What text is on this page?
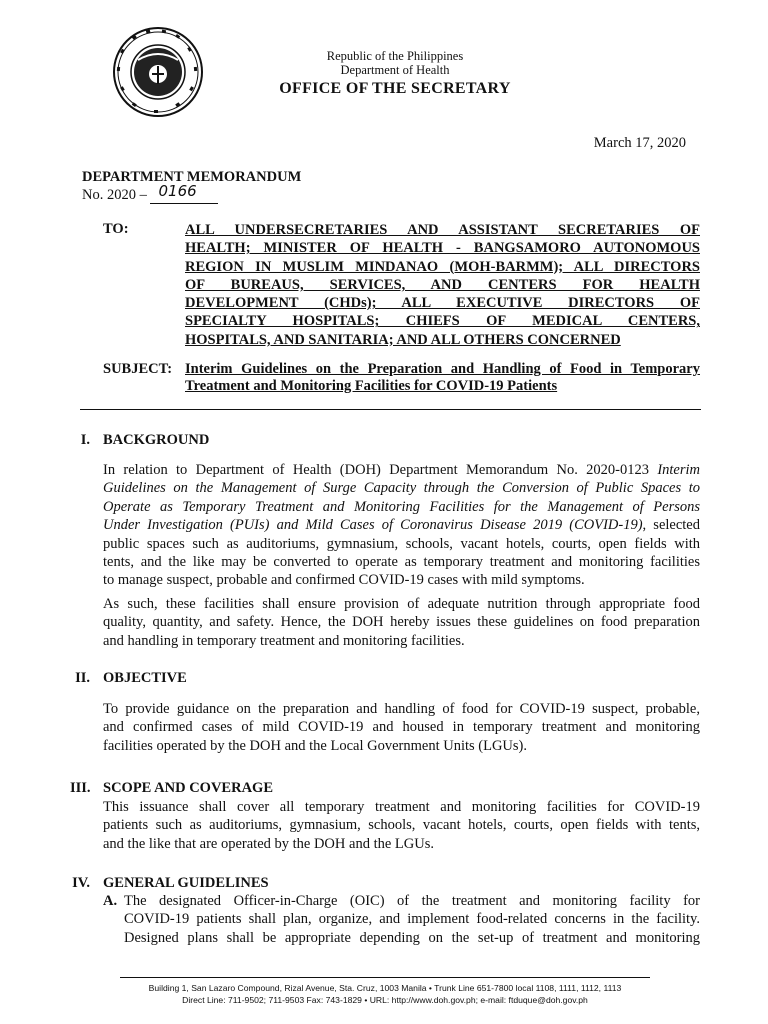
Republic of the Philippines
Department of Health
OFFICE OF THE SECRETARY
March 17, 2020
DEPARTMENT MEMORANDUM
No. 2020 – 0166
TO:	ALL UNDERSECRETARIES AND ASSISTANT SECRETARIES OF
HEALTH; MINISTER OF HEALTH - BANGSAMORO AUTONOMOUS
REGION IN MUSLIM MINDANAO (MOH-BARMM); ALL DIRECTORS
OF BUREAUS, SERVICES, AND CENTERS FOR HEALTH
DEVELOPMENT (CHDs); ALL EXECUTIVE DIRECTORS OF
SPECIALTY HOSPITALS; CHIEFS OF MEDICAL CENTERS,
HOSPITALS, AND SANITARIA; AND ALL OTHERS CONCERNED
SUBJECT: Interim Guidelines on the Preparation and Handling of Food in Temporary
Treatment and Monitoring Facilities for COVID-19 Patients
I. BACKGROUND
In relation to Department of Health (DOH) Department Memorandum No. 2020-0123 Interim
Guidelines on the Management of Surge Capacity through the Conversion of Public Spaces to
Operate as Temporary Treatment and Monitoring Facilities for the Management of Persons
Under Investigation (PUIs) and Mild Cases of Coronavirus Disease 2019 (COVID-19), selected
public spaces such as auditoriums, gymnasium, schools, vacant hotels, courts, open fields with
tents, and the like may be converted to operate as temporary treatment and monitoring facilities
to manage suspect, probable and confirmed COVID-19 cases with mild symptoms.
As such, these facilities shall ensure provision of adequate nutrition through appropriate food
quality, quantity, and safety. Hence, the DOH hereby issues these guidelines on food preparation
and handling in temporary treatment and monitoring facilities.
II. OBJECTIVE
To provide guidance on the preparation and handling of food for COVID-19 suspect, probable,
and confirmed cases of mild COVID-19 and housed in temporary treatment and monitoring
facilities operated by the DOH and the Local Government Units (LGUs).
III. SCOPE AND COVERAGE
This issuance shall cover all temporary treatment and monitoring facilities for COVID-19
patients such as auditoriums, gymnasium, schools, vacant hotels, courts, open fields with tents,
and the like that are operated by the DOH and the LGUs.
IV. GENERAL GUIDELINES
A. The designated Officer-in-Charge (OIC) of the treatment and monitoring facility for
COVID-19 patients shall plan, organize, and implement food-related concerns in the facility.
Designed plans shall be appropriate depending on the set-up of treatment and monitoring
Building 1, San Lazaro Compound, Rizal Avenue, Sta. Cruz, 1003 Manila • Trunk Line 651-7800 local 1108, 1111, 1112, 1113
Direct Line: 711-9502; 711-9503 Fax: 743-1829 • URL: http://www.doh.gov.ph; e-mail: ftduque@doh.gov.ph
